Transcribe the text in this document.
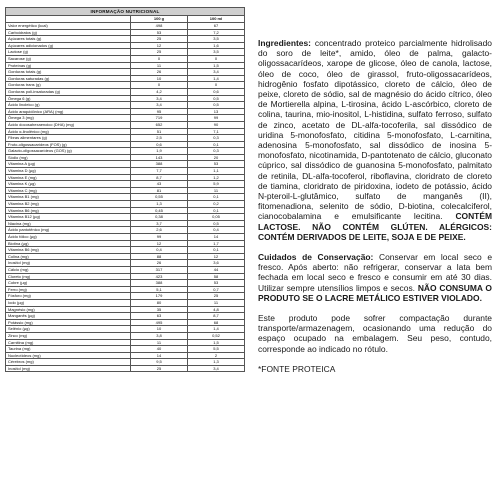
INFORMAÇÃO NUTRICIONAL		
	100 g	100 ml
Valor energético (kcal)	498	67
Carboidratos (g)	53	7,2
Açúcares totais (g)	25	3,5
Açúcares adicionados (g)	12	1,6
Lactose (g)	25	3,5
Sacarose (g)	0	0
Proteínas (g)	11	1,5
Gorduras totais (g)	26	3,4
Gorduras saturadas (g)	10	1,4
Gorduras trans (g)	0	0
Gorduras poli-insaturadas (g)	4,2	0,6
Ômega 6 (g)	3,4	0,5
Ácido linoleico (g)	3,4	0,5
Ácido araquidônico (ARA) (mg)	95	13
Ômega 3 (mg)	719	99
Ácido docosahexaenoico (DHA) (mg)	652	90
Ácido α-linolênico (mg)	51	7,1
Fibras alimentares (g)	2,5	0,3
Fruto-oligossacarídeos (FOS) (g)	0,6	0,1
Galacto-oligossacarídeos (GOS) (g)	1,9	0,3
Sódio (mg)	143	20
Vitamina A (µg)	388	53
Vitamina D (µg)	7,7	1,1
Vitamina E (mg)	8,7	1,2
Vitamina K (µg)	43	5,9
Vitamina C (mg)	81	11
Vitamina B1 (mg)	0,55	0,1
Vitamina B2 (mg)	1,3	0,2
Vitamina B6 (mg)	0,45	0,1
Vitamina B12 (µg)	0,38	0,05
Niacina (mg)	3,7	0,5
Ácido pantotênico (mg)	2,6	0,4
Ácido fólico (µg)	99	14
Biotina (µg)	12	1,7
Vitamina B6 (mg)	0,4	0,1
Colina (mg)	88	12
Inositol (mg)	26	3,6
Cálcio (mg)	317	44
Cloreto (mg)	423	58
Cobre (µg)	388	53
Ferro (mg)	5,1	0,7
Fósforo (mg)	179	25
Iodo (µg)	80	11
Magnésio (mg)	35	4,8
Manganês (µg)	63	8,7
Potássio (mg)	495	68
Selênio (µg)	10	1,4
Zinco (mg)	3,8	0,52
Carnitina (mg)	11	1,5
Taurina (mg)	40	5,5
Nucleotídeos (mg)	14	2
Cérebros (mg)	9,5	1,3
Inositol (mg)	25	3,4

Ingredientes: concentrado proteico parcialmente hidrolisado do soro de leite*, amido, óleo de palma, galacto-oligossacarídeos, xarope de glicose, óleo de canola, lactose, óleo de coco, óleo de girassol, fruto-oligossacarídeos, hidrogênio fosfato dipotássico, cloreto de cálcio, óleo de peixe, cloreto de sódio, sal de magnésio do ácido cítrico, óleo de Mortierella alpina, L-tirosina, ácido L-ascórbico, cloreto de colina, taurina, mio-inositol, L-histidina, sulfato ferroso, sulfato de zinco, acetato de DL-alfa-tocoferila, sal dissódico de uridina 5-monofosfato, citidina 5-monofosfato, L-carnitina, adenosina 5-monofosfato, sal dissódico de inosina 5-monofosfato, nicotinamida, D-pantotenato de cálcio, gluconato cúprico, sal dissódico de guanosina 5-monofosfato, palmitato de retinila, DL-alfa-tocoferol, riboflavina, cloridrato de cloreto de tiamina, cloridrato de piridoxina, iodeto de potássio, ácido N-pteroil-L-glutâmico, sulfato de manganês (II), fitomenadiona, selenito de sódio, D-biotina, colecalciferol, cianocobalamina e emulsificante lecitina. CONTÉM LACTOSE. NÃO CONTÉM GLÚTEN. ALÉRGICOS: CONTÉM DERIVADOS DE LEITE, SOJA E DE PEIXE.

Cuidados de Conservação: Conservar em local seco e fresco. Após aberto: não refrigerar, conservar a lata bem fechada em local seco e fresco e consumir em até 30 dias. Utilizar sempre utensílios limpos e secos. NÃO CONSUMA O PRODUTO SE O LACRE METÁLICO ESTIVER VIOLADO.

Este produto pode sofrer compactação durante transporte/armazenagem, ocasionando uma redução do espaço ocupado na embalagem. Seu peso, contudo, corresponde ao indicado no rótulo.

*FONTE PROTEICA
